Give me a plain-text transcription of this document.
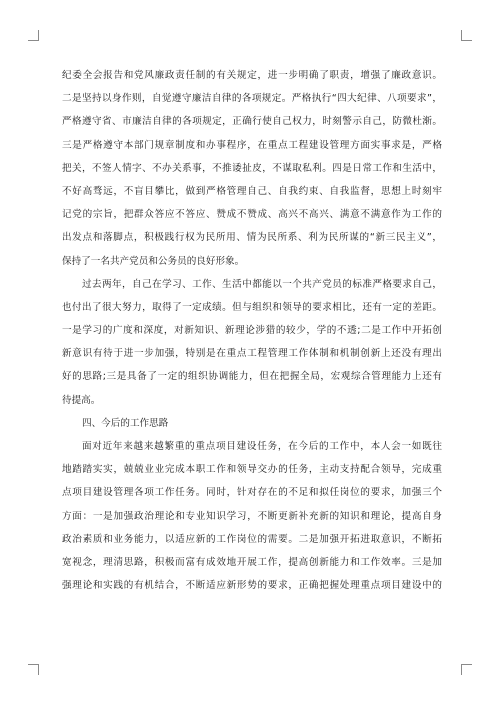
纪委全会报告和党风廉政责任制的有关规定，进一步明确了职责，增强了廉政意识。
二是坚持以身作则，自觉遵守廉洁自律的各项规定。严格执行“四大纪律、八项要求”，
严格遵守省、市廉洁自律的各项规定，正确行使自己权力，时刻警示自己，防微杜渐。
三是严格遵守本部门规章制度和办事程序，在重点工程建设管理方面实事求是，严格
把关，不签人情字、不办关系事，不推诿扯皮，不谋取私利。四是日常工作和生活中，
不好高骛远，不盲目攀比，做到严格管理自己、自我约束、自我监督，思想上时刻牢
记党的宗旨，把群众答应不答应、赞成不赞成、高兴不高兴、满意不满意作为工作的
出发点和落脚点，积极践行权为民所用、情为民所系、利为民所谋的“新三民主义”，
保持了一名共产党员和公务员的良好形象。
过去两年，自己在学习、工作、生活中都能以一个共产党员的标准严格要求自己，
也付出了很大努力，取得了一定成绩。但与组织和领导的要求相比，还有一定的差距。
一是学习的广度和深度，对新知识、新理论涉猎的较少，学的不透;二是工作中开拓创
新意识有待于进一步加强，特别是在重点工程管理工作体制和机制创新上还没有理出
好的思路;三是具备了一定的组织协调能力，但在把握全局，宏观综合管理能力上还有
待提高。
四、今后的工作思路
面对近年来越来越繁重的重点项目建设任务，在今后的工作中，本人会一如既往
地踏踏实实，兢兢业业完成本职工作和领导交办的任务，主动支持配合领导，完成重
点项目建设管理各项工作任务。同时，针对存在的不足和拟任岗位的要求，加强三个
方面：一是加强政治理论和专业知识学习，不断更新补充新的知识和理论，提高自身
政治素质和业务能力，以适应新的工作岗位的需要。二是加强开拓进取意识，不断拓
宽视念，理清思路，积极而富有成效地开展工作，提高创新能力和工作效率。三是加
强理论和实践的有机结合，不断适应新形势的要求，正确把握处理重点项目建设中的
